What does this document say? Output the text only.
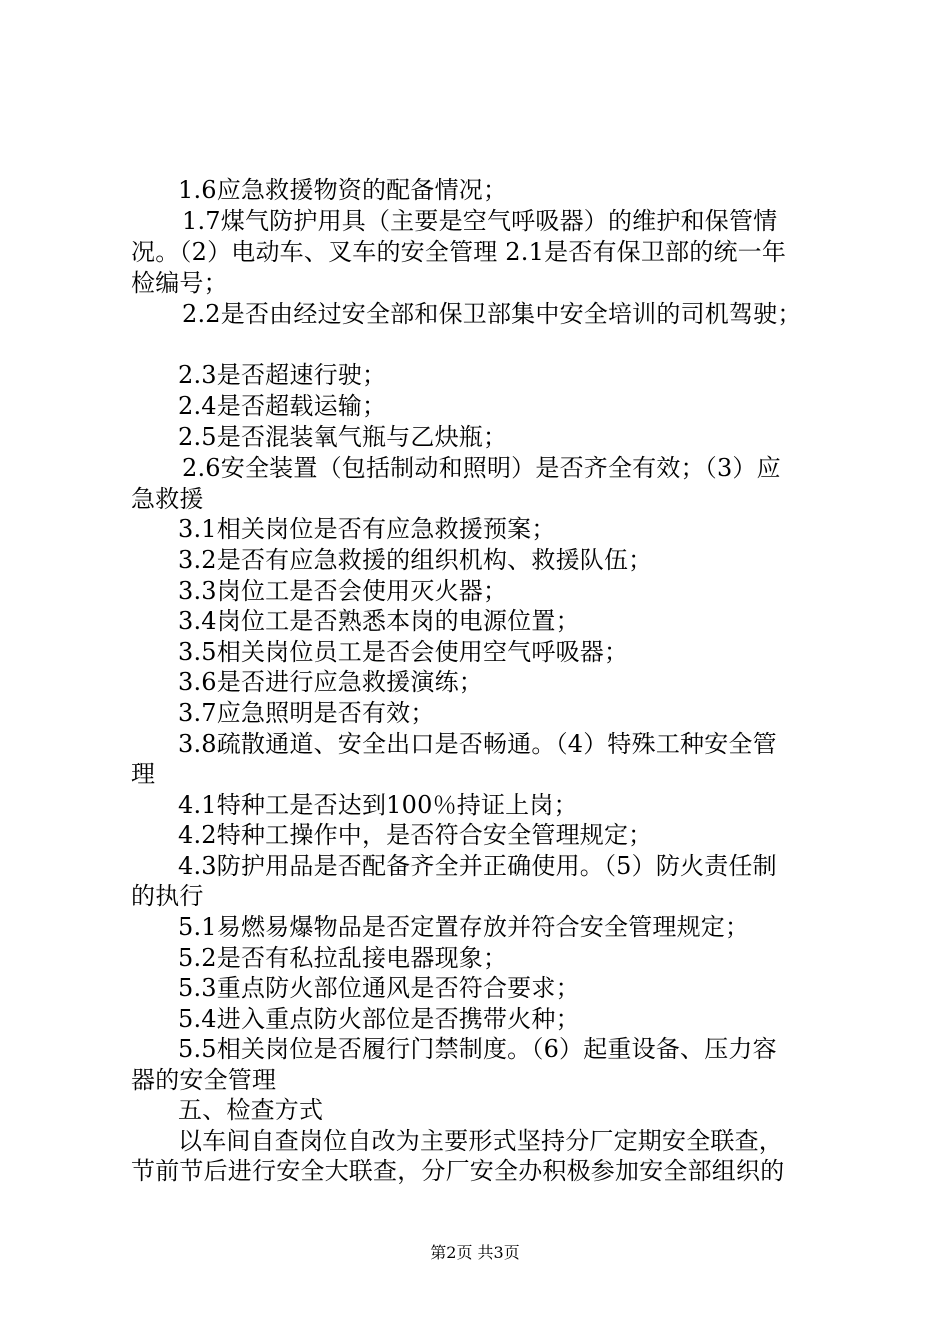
1.6应急救援物资的配备情况；
1.7煤气防护用具（主要是空气呼吸器）的维护和保管情
况。（2）电动车、叉车的安全管理 2.1是否有保卫部的统一年
检编号；
2.2是否由经过安全部和保卫部集中安全培训的司机驾驶；
2.3是否超速行驶；
2.4是否超载运输；
2.5是否混装氧气瓶与乙炔瓶；
2.6安全装置（包括制动和照明）是否齐全有效；（3）应
急救援
3.1相关岗位是否有应急救援预案；
3.2是否有应急救援的组织机构、救援队伍；
3.3岗位工是否会使用灭火器；
3.4岗位工是否熟悉本岗的电源位置；
3.5相关岗位员工是否会使用空气呼吸器；
3.6是否进行应急救援演练；
3.7应急照明是否有效；
3.8疏散通道、安全出口是否畅通。（4）特殊工种安全管
理
4.1特种工是否达到100％持证上岗；
4.2特种工操作中，是否符合安全管理规定；
4.3防护用品是否配备齐全并正确使用。（5）防火责任制
的执行
5.1易燃易爆物品是否定置存放并符合安全管理规定；
5.2是否有私拉乱接电器现象；
5.3重点防火部位通风是否符合要求；
5.4进入重点防火部位是否携带火种；
5.5相关岗位是否履行门禁制度。（6）起重设备、压力容
器的安全管理
五、检查方式
以车间自查岗位自改为主要形式坚持分厂定期安全联查，
节前节后进行安全大联查，分厂安全办积极参加安全部组织的
第2页 共3页
